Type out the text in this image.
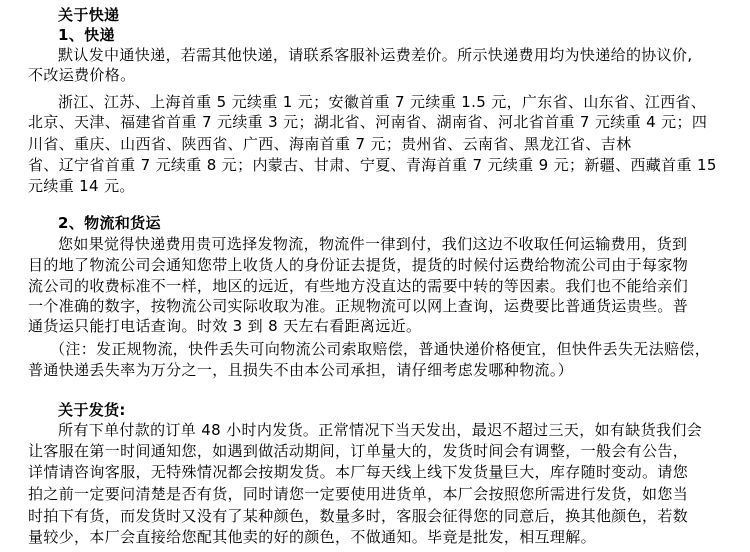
关于快递
1、快递
默认发中通快递，若需其他快递，请联系客服补运费差价。所示快递费用均为快递给的协议价,
不改运费价格。
浙江、江苏、上海首重 5 元续重 1 元；安徽首重 7 元续重 1.5 元，广东省、山东省、江西省、
北京、天津、福建省首重 7 元续重 3 元；湖北省、河南省、湖南省、河北省首重 7 元续重 4 元；四
川省、重庆、山西省、陕西省、广西、海南首重 7 元；贵州省、云南省、黑龙江省、吉林
省、辽宁省首重 7 元续重 8 元；内蒙古、甘肃、宁夏、青海首重 7 元续重 9 元；新疆、西藏首重 15
元续重 14 元。
2、物流和货运
您如果觉得快递费用贵可选择发物流，物流件一律到付，我们这边不收取任何运输费用，货到
目的地了物流公司会通知您带上收货人的身份证去提货，提货的时候付运费给物流公司由于每家物
流公司的收费标准不一样，地区的远近，有些地方没直达的需要中转的等因素。我们也不能给亲们
一个准确的数字，按物流公司实际收取为准。正规物流可以网上查询，运费要比普通货运贵些。普
通货运只能打电话查询。时效 3 到 8 天左右看距离远近。
（注：发正规物流，快件丢失可向物流公司索取赔偿，普通快递价格便宜，但快件丢失无法赔偿，
普通快递丢失率为万分之一，且损失不由本公司承担，请仔细考虑发哪种物流。）
关于发货:
所有下单付款的订单 48 小时内发货。正常情况下当天发出，最迟不超过三天，如有缺货我们会
让客服在第一时间通知您，如遇到做活动期间，订单量大的，发货时间会有调整，一般会有公告，
详情请咨询客服，无特殊情况都会按期发货。本厂每天线上线下发货量巨大，库存随时变动。请您
拍之前一定要问清楚是否有货，同时请您一定要使用进货单，本厂会按照您所需进行发货，如您当
时拍下有货，而发货时又没有了某种颜色，数量多时，客服会征得您的同意后，换其他颜色，若数
量较少，本厂会直接给您配其他卖的好的颜色，不做通知。毕竟是批发，相互理解。
